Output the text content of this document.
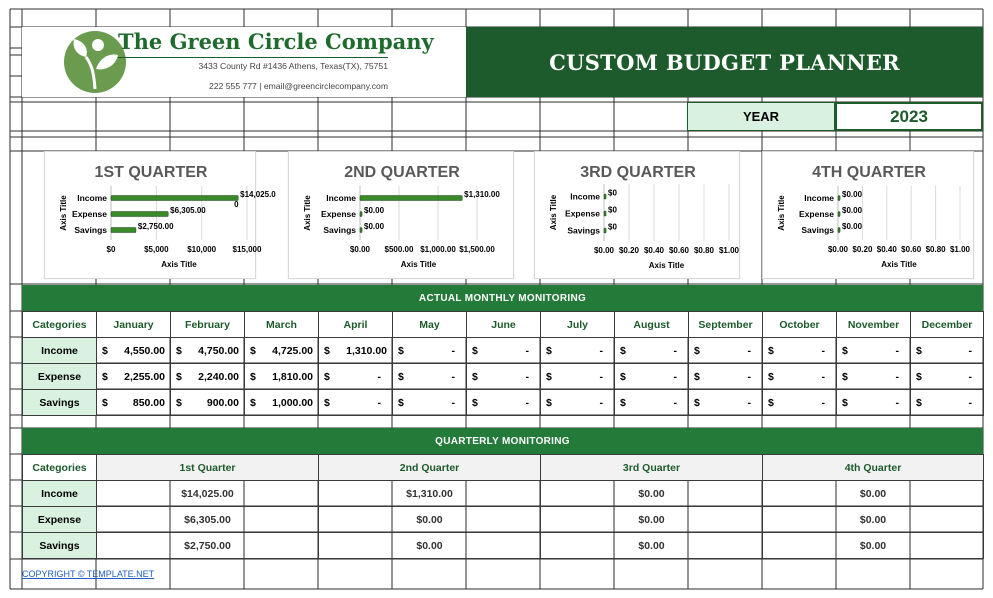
The Green Circle Company
3433 County Rd #1436 Athens, Texas(TX), 75751
222 555 777 | email@greencirclecompany.com
CUSTOM BUDGET PLANNER
YEAR	2023
1ST QUARTER
$0	$5,000 $10,000 $15,000
Income	$14,025.0 0
Expense	$6,305.00
Savings	$2,750.00
Axis Title
Axis Title
2ND QUARTER
$0.00 $500.00 $1,000.00 $1,500.00
Income	$1,310.00
Expense $0.00
Savings $0.00
Axis Title
Axis Title
3RD QUARTER
$0.00 $0.20 $0.40 $0.60 $0.80 $1.00
Income $0
Expense $0
Savings $0
Axis Title
Axis Title
4TH QUARTER
$0.00 $0.20 $0.40 $0.60 $0.80 $1.00
Income $0.00
Expense $0.00
Savings $0.00
Axis Title
Axis Title
ACTUAL MONTHLY MONITORING
Categories	January	February	March	April	May	June	July	August	September	October	November	December
Income	$ 4,550.00	$ 4,750.00	$ 4,725.00	$ 1,310.00	$ -	$ -	$ -	$ -	$ -	$ -	$ -	$ -

Expense	$ 2,255.00	$ 2,240.00	$ 1,810.00	$ -	$ -	$ -	$ -	$ -	$ -	$ -	$ -	$ -

Savings	$ 850.00	$ 900.00	$ 1,000.00	$ -	$ -	$ -	$ -	$ -	$ -	$ -	$ -	$ -
QUARTERLY MONITORING
Categories	1st Quarter	2nd Quarter	3rd Quarter	4th Quarter
Income	$14,025.00	$1,310.00	$0.00	$0.00
Expense	$6,305.00	$0.00	$0.00	$0.00
Savings	$2,750.00	$0.00	$0.00	$0.00
COPYRIGHT © TEMPLATE.NET
